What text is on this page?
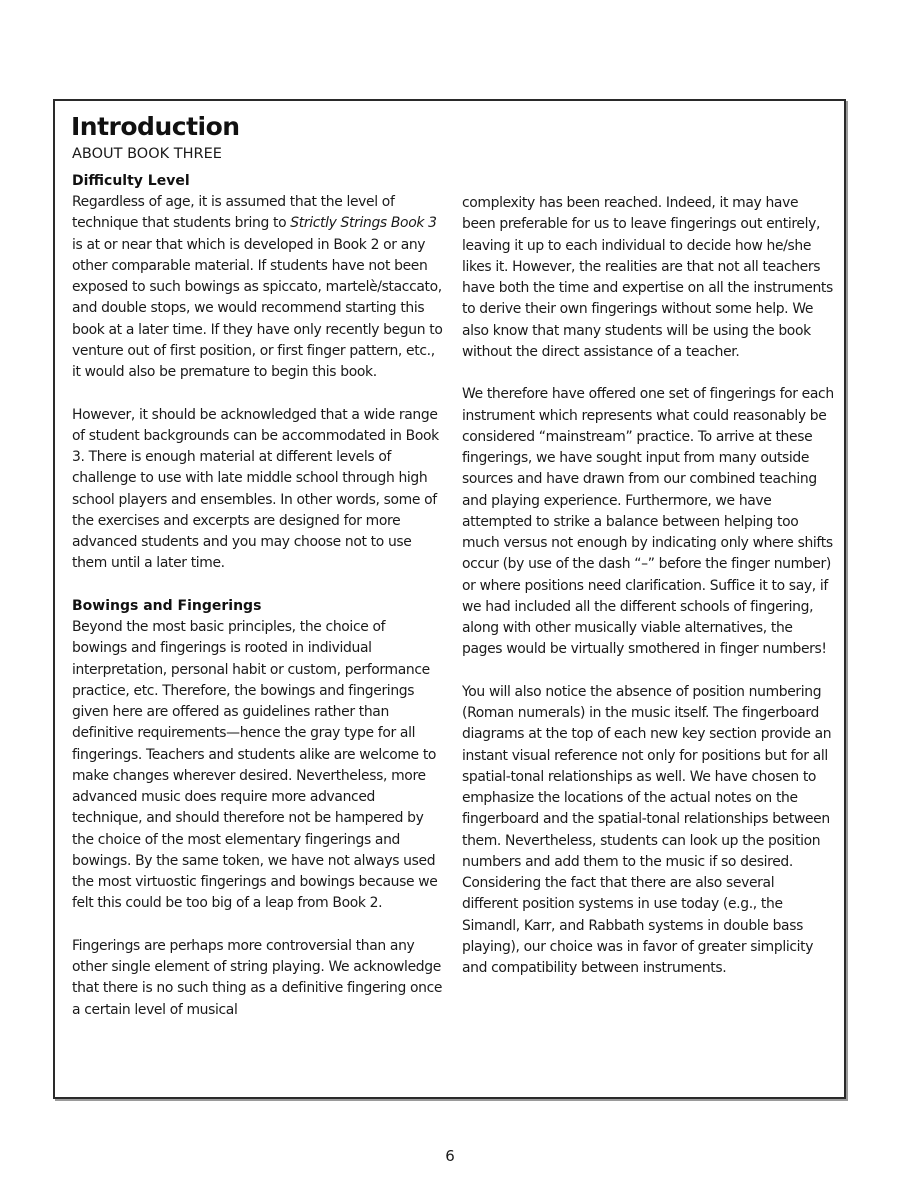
Introduction
ABOUT BOOK THREE

Difficulty Level

Regardless of age, it is assumed that the level of technique that students bring to Strictly Strings Book 3 is at or near that which is developed in Book 2 or any other comparable material. If students have not been exposed to such bowings as spiccato, martelè/staccato, and double stops, we would recommend starting this book at a later time. If they have only recently begun to venture out of first position, or first finger pattern, etc., it would also be premature to begin this book.

However, it should be acknowledged that a wide range of student backgrounds can be accommodated in Book 3. There is enough material at different levels of challenge to use with late middle school through high school players and ensembles. In other words, some of the exercises and excerpts are designed for more advanced students and you may choose not to use them until a later time.

Bowings and Fingerings

Beyond the most basic principles, the choice of bowings and fingerings is rooted in individual interpretation, personal habit or custom, performance practice, etc. Therefore, the bowings and fingerings given here are offered as guidelines rather than definitive requirements—hence the gray type for all fingerings. Teachers and students alike are welcome to make changes wherever desired. Nevertheless, more advanced music does require more advanced technique, and should therefore not be hampered by the choice of the most elementary fingerings and bowings. By the same token, we have not always used the most virtuostic fingerings and bowings because we felt this could be too big of a leap from Book 2.

Fingerings are perhaps more controversial than any other single element of string playing. We acknowledge that there is no such thing as a definitive fingering once a certain level of musical

complexity has been reached. Indeed, it may have been preferable for us to leave fingerings out entirely, leaving it up to each individual to decide how he/she likes it. However, the realities are that not all teachers have both the time and expertise on all the instruments to derive their own fingerings without some help. We also know that many students will be using the book without the direct assistance of a teacher.

We therefore have offered one set of fingerings for each instrument which represents what could reasonably be considered “mainstream” practice. To arrive at these fingerings, we have sought input from many outside sources and have drawn from our combined teaching and playing experience. Furthermore, we have attempted to strike a balance between helping too much versus not enough by indicating only where shifts occur (by use of the dash “–” before the finger number) or where positions need clarification. Suffice it to say, if we had included all the different schools of fingering, along with other musically viable alternatives, the pages would be virtually smothered in finger numbers!

You will also notice the absence of position numbering (Roman numerals) in the music itself. The fingerboard diagrams at the top of each new key section provide an instant visual reference not only for positions but for all spatial-tonal relationships as well. We have chosen to emphasize the locations of the actual notes on the fingerboard and the spatial-tonal relationships between them. Nevertheless, students can look up the position numbers and add them to the music if so desired. Considering the fact that there are also several different position systems in use today (e.g., the Simandl, Karr, and Rabbath systems in double bass playing), our choice was in favor of greater simplicity and compatibility between instruments.

6
